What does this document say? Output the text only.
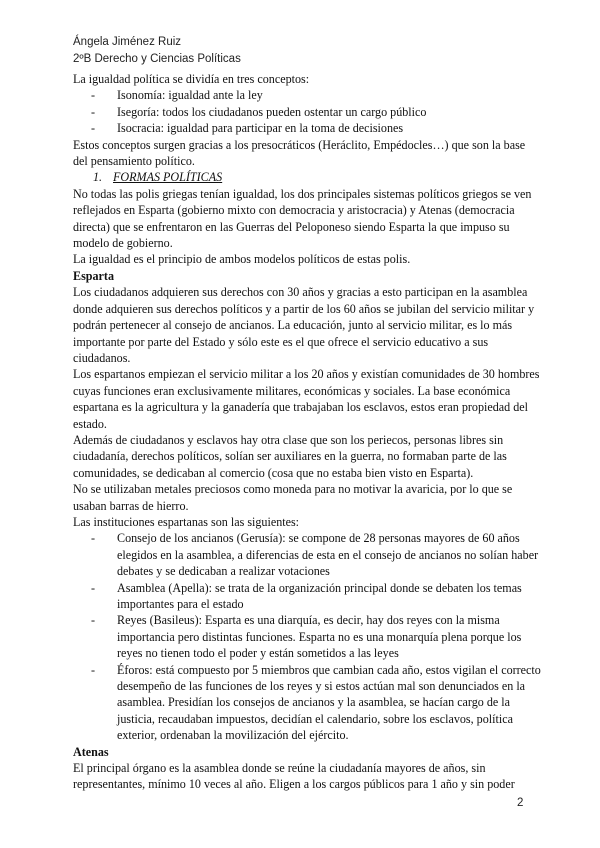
Ángela Jiménez Ruiz
2ºB Derecho y Ciencias Políticas

La igualdad política se dividía en tres conceptos:

- Isonomía: igualdad ante la ley
- Isegoría: todos los ciudadanos pueden ostentar un cargo público
- Isocracia: igualdad para participar en la toma de decisiones

Estos conceptos surgen gracias a los presocráticos (Heráclito, Empédocles…) que son la base del pensamiento político.

1. FORMAS POLÍTICAS

No todas las polis griegas tenían igualdad, los dos principales sistemas políticos griegos se ven reflejados en Esparta (gobierno mixto con democracia y aristocracia) y Atenas (democracia directa) que se enfrentaron en las Guerras del Peloponeso siendo Esparta la que impuso su modelo de gobierno.

La igualdad es el principio de ambos modelos políticos de estas polis.

Esparta

Los ciudadanos adquieren sus derechos con 30 años y gracias a esto participan en la asamblea donde adquieren sus derechos políticos y a partir de los 60 años se jubilan del servicio militar y podrán pertenecer al consejo de ancianos. La educación, junto al servicio militar, es lo más importante por parte del Estado y sólo este es el que ofrece el servicio educativo a sus ciudadanos.

Los espartanos empiezan el servicio militar a los 20 años y existían comunidades de 30 hombres cuyas funciones eran exclusivamente militares, económicas y sociales. La base económica espartana es la agricultura y la ganadería que trabajaban los esclavos, estos eran propiedad del estado.

Además de ciudadanos y esclavos hay otra clase que son los periecos, personas libres sin ciudadanía, derechos políticos, solían ser auxiliares en la guerra, no formaban parte de las comunidades, se dedicaban al comercio (cosa que no estaba bien visto en Esparta).

No se utilizaban metales preciosos como moneda para no motivar la avaricia, por lo que se usaban barras de hierro.

Las instituciones espartanas son las siguientes:

- Consejo de los ancianos (Gerusía): se compone de 28 personas mayores de 60 años elegidos en la asamblea, a diferencias de esta en el consejo de ancianos no solían haber debates y se dedicaban a realizar votaciones
- Asamblea (Apella): se trata de la organización principal donde se debaten los temas importantes para el estado
- Reyes (Basileus): Esparta es una diarquía, es decir, hay dos reyes con la misma importancia pero distintas funciones. Esparta no es una monarquía plena porque los reyes no tienen todo el poder y están sometidos a las leyes
- Éforos: está compuesto por 5 miembros que cambian cada año, estos vigilan el correcto desempeño de las funciones de los reyes y si estos actúan mal son denunciados en la asamblea. Presidían los consejos de ancianos y la asamblea, se hacían cargo de la justicia, recaudaban impuestos, decidían el calendario, sobre los esclavos, política exterior, ordenaban la movilización del ejército.

Atenas

El principal órgano es la asamblea donde se reúne la ciudadanía mayores de años, sin representantes, mínimo 10 veces al año. Eligen a los cargos públicos para 1 año y sin poder

2
